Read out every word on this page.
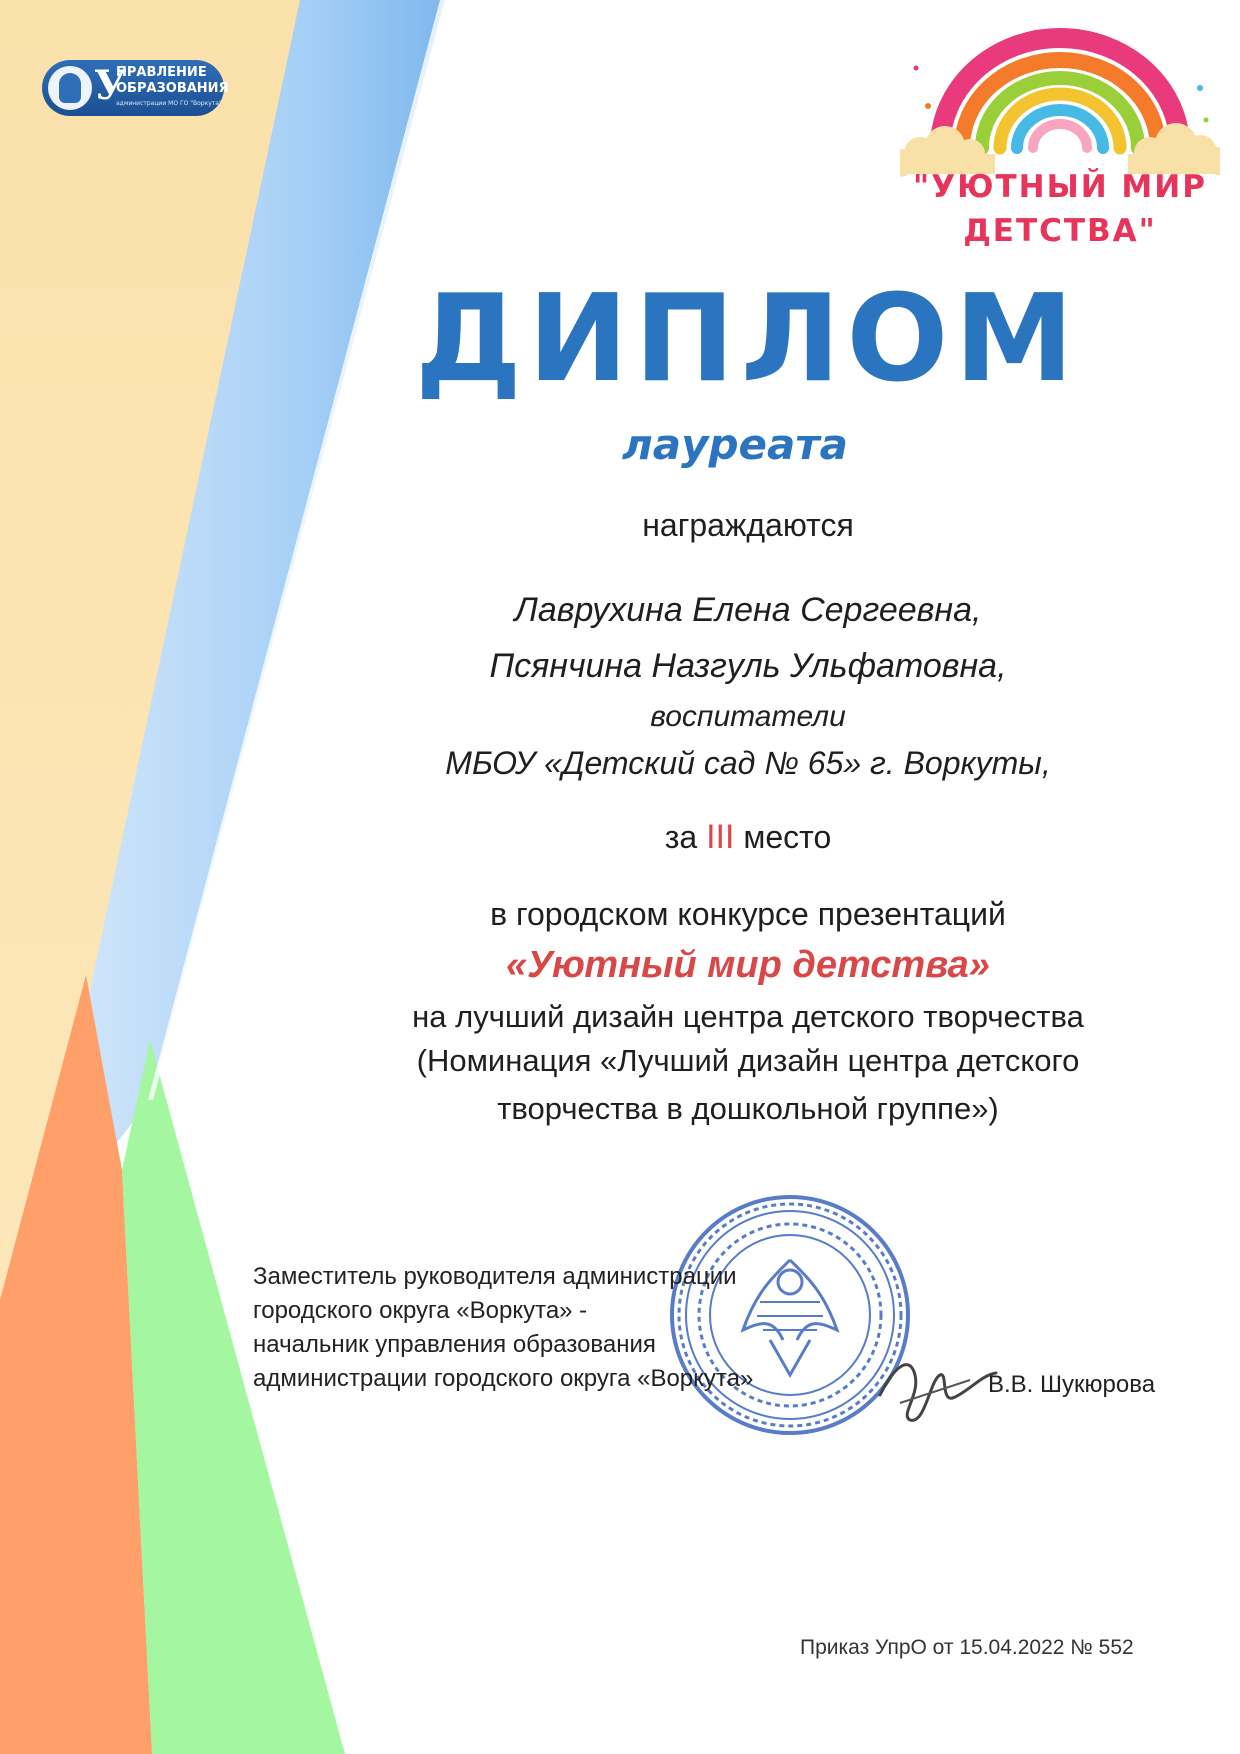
У
ПРАВЛЕНИЕ
ОБРАЗОВАНИЯ
администрации МО ГО "Воркута"
"УЮТНЫЙ МИР
ДЕТСТВА"
ДИПЛОМ
лауреата
награждаются
Лаврухина Елена Сергеевна,
Псянчина Назгуль Ульфатовна,
воспитатели
МБОУ «Детский сад № 65» г. Воркуты,
за III место
в городском конкурсе презентаций
«Уютный мир детства»
на лучший дизайн центра детского творчества
(Номинация «Лучший дизайн центра детского
творчества в дошкольной группе»)
Заместитель руководителя администрации
городского округа «Воркута» -
начальник управления образования
администрации городского округа «Воркута»	В.В. Шукюрова
Приказ УпрО от 15.04.2022 № 552
